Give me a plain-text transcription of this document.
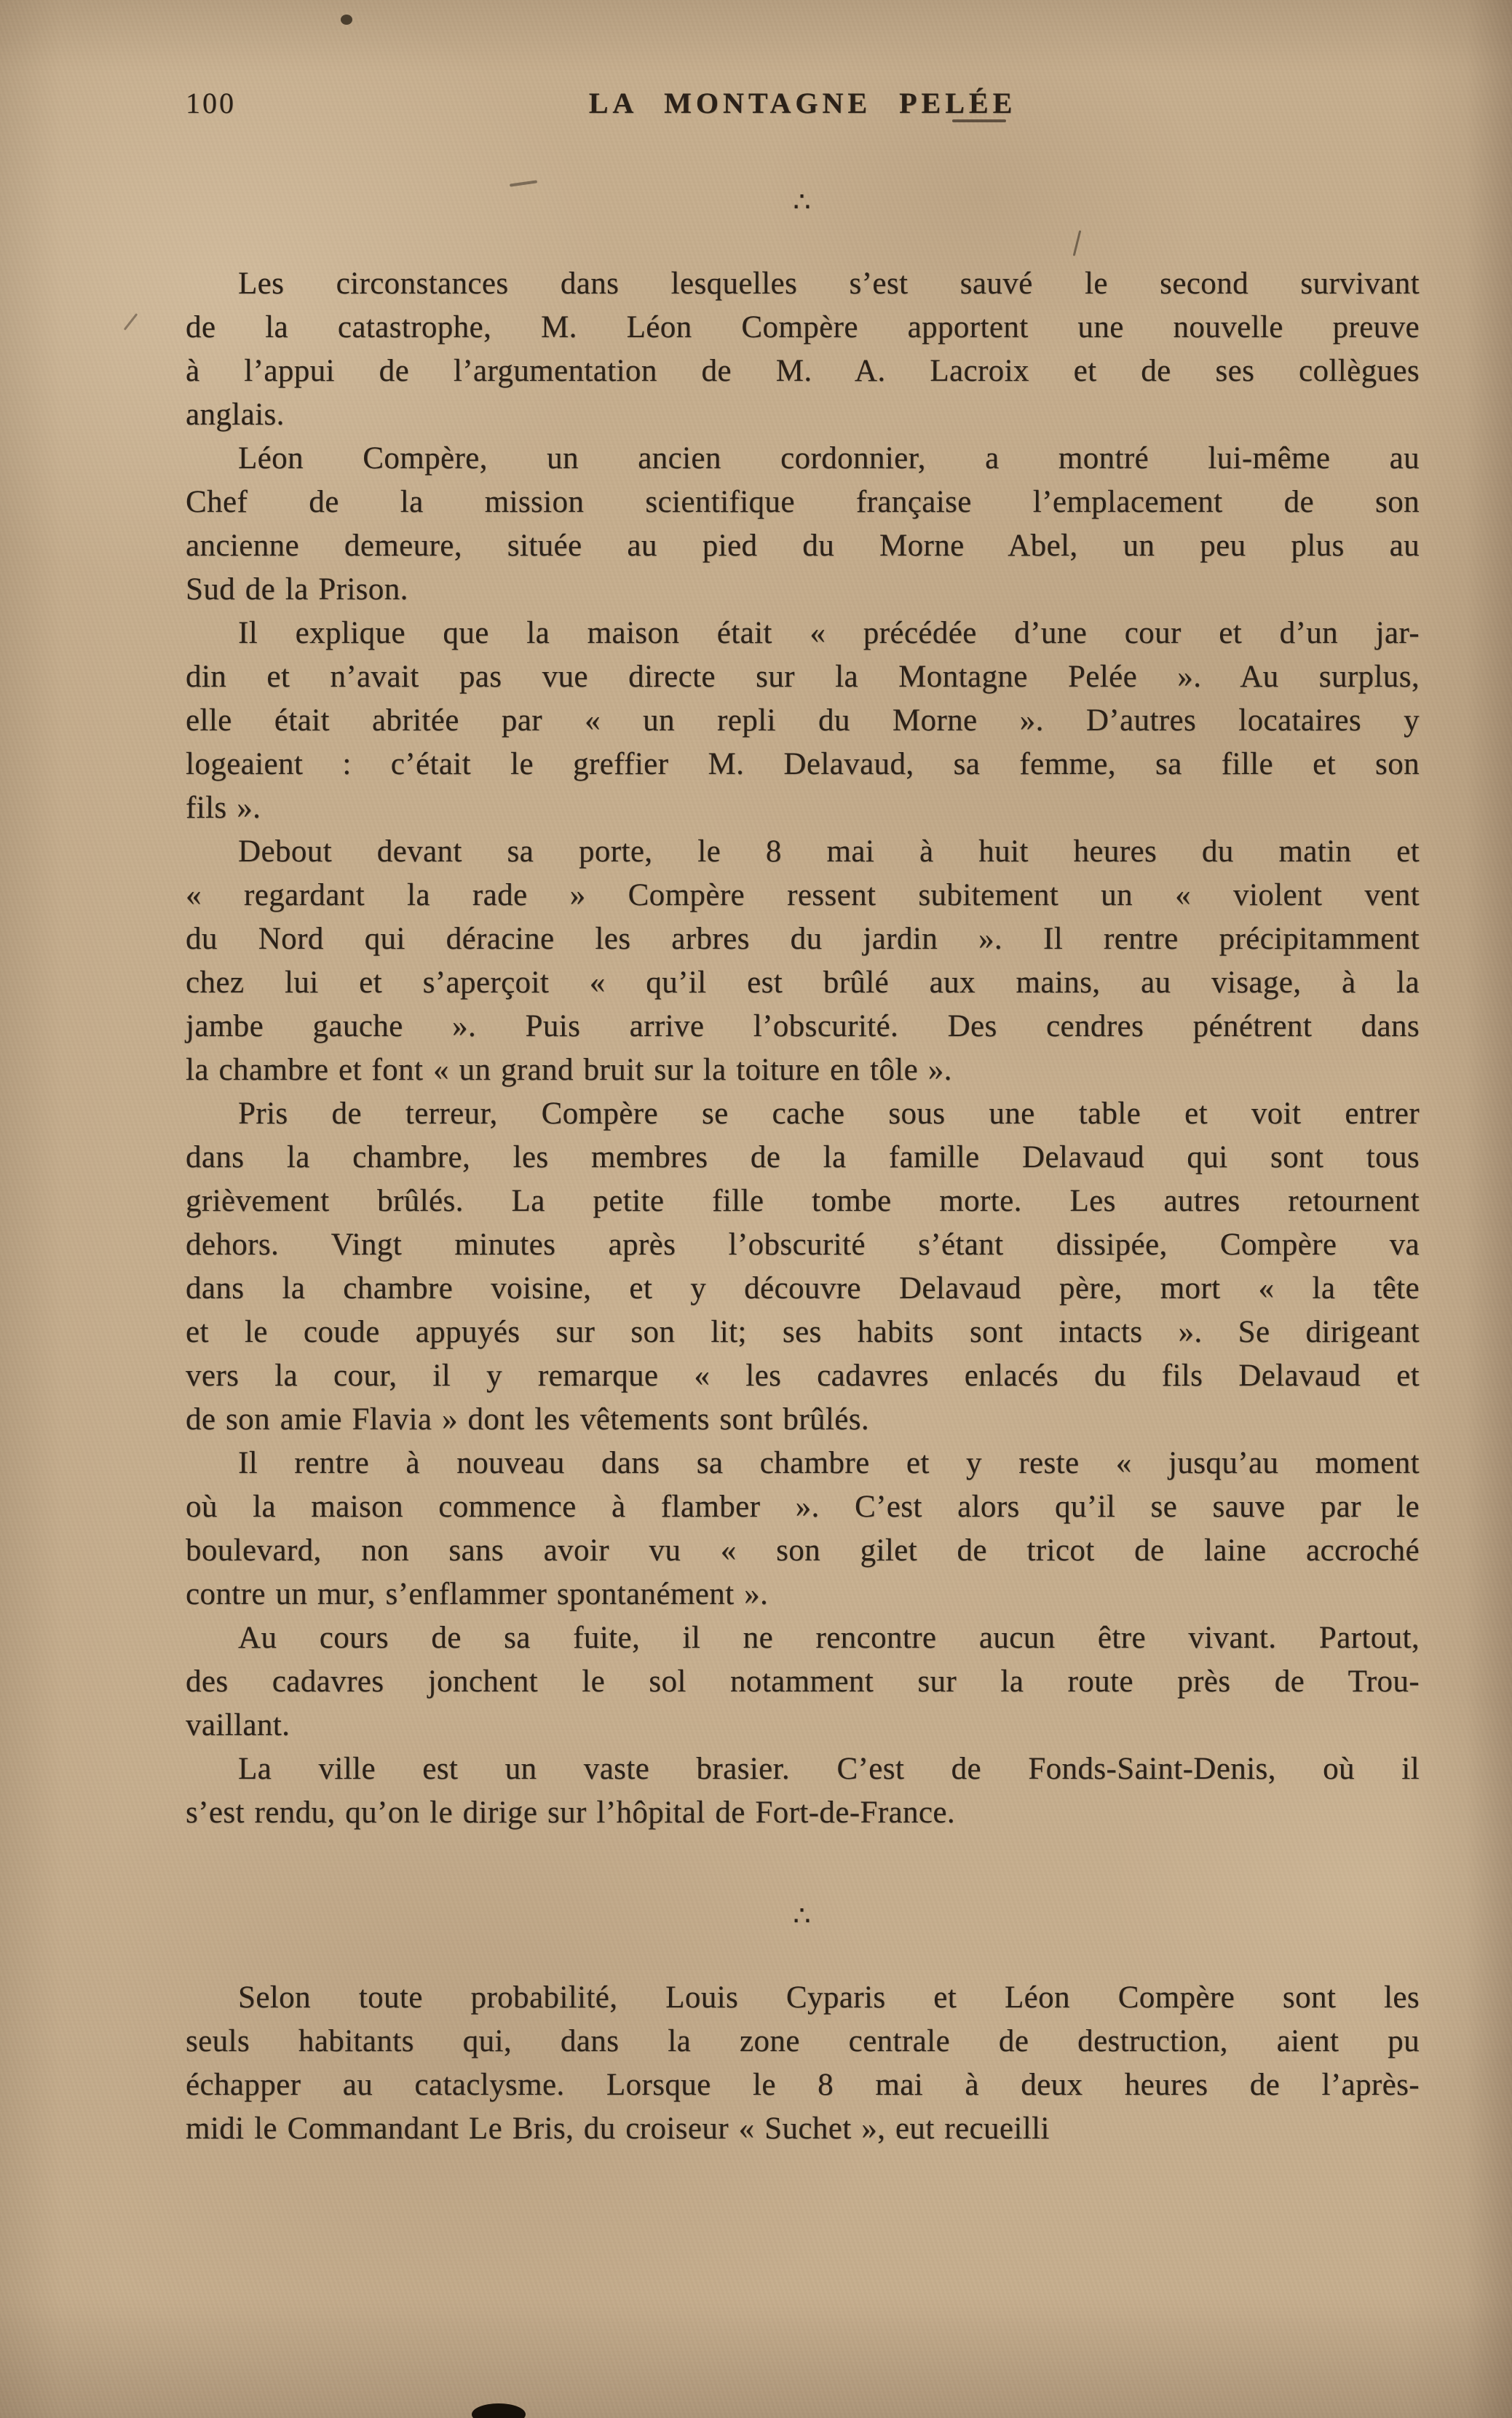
100	LA MONTAGNE PELÉE
∴

Les circonstances dans lesquelles s’est sauvé le second survivant
de la catastrophe, M. Léon Compère apportent une nouvelle preuve
à l’appui de l’argumentation de M. A. Lacroix et de ses collègues
anglais.

Léon Compère, un ancien cordonnier, a montré lui-même au
Chef de la mission scientifique française l’emplacement de son
ancienne demeure, située au pied du Morne Abel, un peu plus au
Sud de la Prison.

Il explique que la maison était « précédée d’une cour et d’un jar-
din et n’avait pas vue directe sur la Montagne Pelée ». Au surplus,
elle était abritée par « un repli du Morne ». D’autres locataires y
logeaient : c’était le greffier M. Delavaud, sa femme, sa fille et son
fils ».

Debout devant sa porte, le 8 mai à huit heures du matin et
« regardant la rade » Compère ressent subitement un « violent vent
du Nord qui déracine les arbres du jardin ». Il rentre précipitamment
chez lui et s’aperçoit « qu’il est brûlé aux mains, au visage, à la
jambe gauche ». Puis arrive l’obscurité. Des cendres pénétrent dans
la chambre et font « un grand bruit sur la toiture en tôle ».

Pris de terreur, Compère se cache sous une table et voit entrer
dans la chambre, les membres de la famille Delavaud qui sont tous
grièvement brûlés. La petite fille tombe morte. Les autres retournent
dehors. Vingt minutes après l’obscurité s’étant dissipée, Compère va
dans la chambre voisine, et y découvre Delavaud père, mort « la tête
et le coude appuyés sur son lit; ses habits sont intacts ». Se dirigeant
vers la cour, il y remarque « les cadavres enlacés du fils Delavaud et
de son amie Flavia » dont les vêtements sont brûlés.

Il rentre à nouveau dans sa chambre et y reste « jusqu’au moment
où la maison commence à flamber ». C’est alors qu’il se sauve par le
boulevard, non sans avoir vu « son gilet de tricot de laine accroché
contre un mur, s’enflammer spontanément ».

Au cours de sa fuite, il ne rencontre aucun être vivant. Partout,
des cadavres jonchent le sol notamment sur la route près de Trou-
vaillant.

La ville est un vaste brasier. C’est de Fonds-Saint-Denis, où il
s’est rendu, qu’on le dirige sur l’hôpital de Fort-de-France.

∴

Selon toute probabilité, Louis Cyparis et Léon Compère sont les
seuls habitants qui, dans la zone centrale de destruction, aient pu
échapper au cataclysme. Lorsque le 8 mai à deux heures de l’après-
midi le Commandant Le Bris, du croiseur « Suchet », eut recueilli
